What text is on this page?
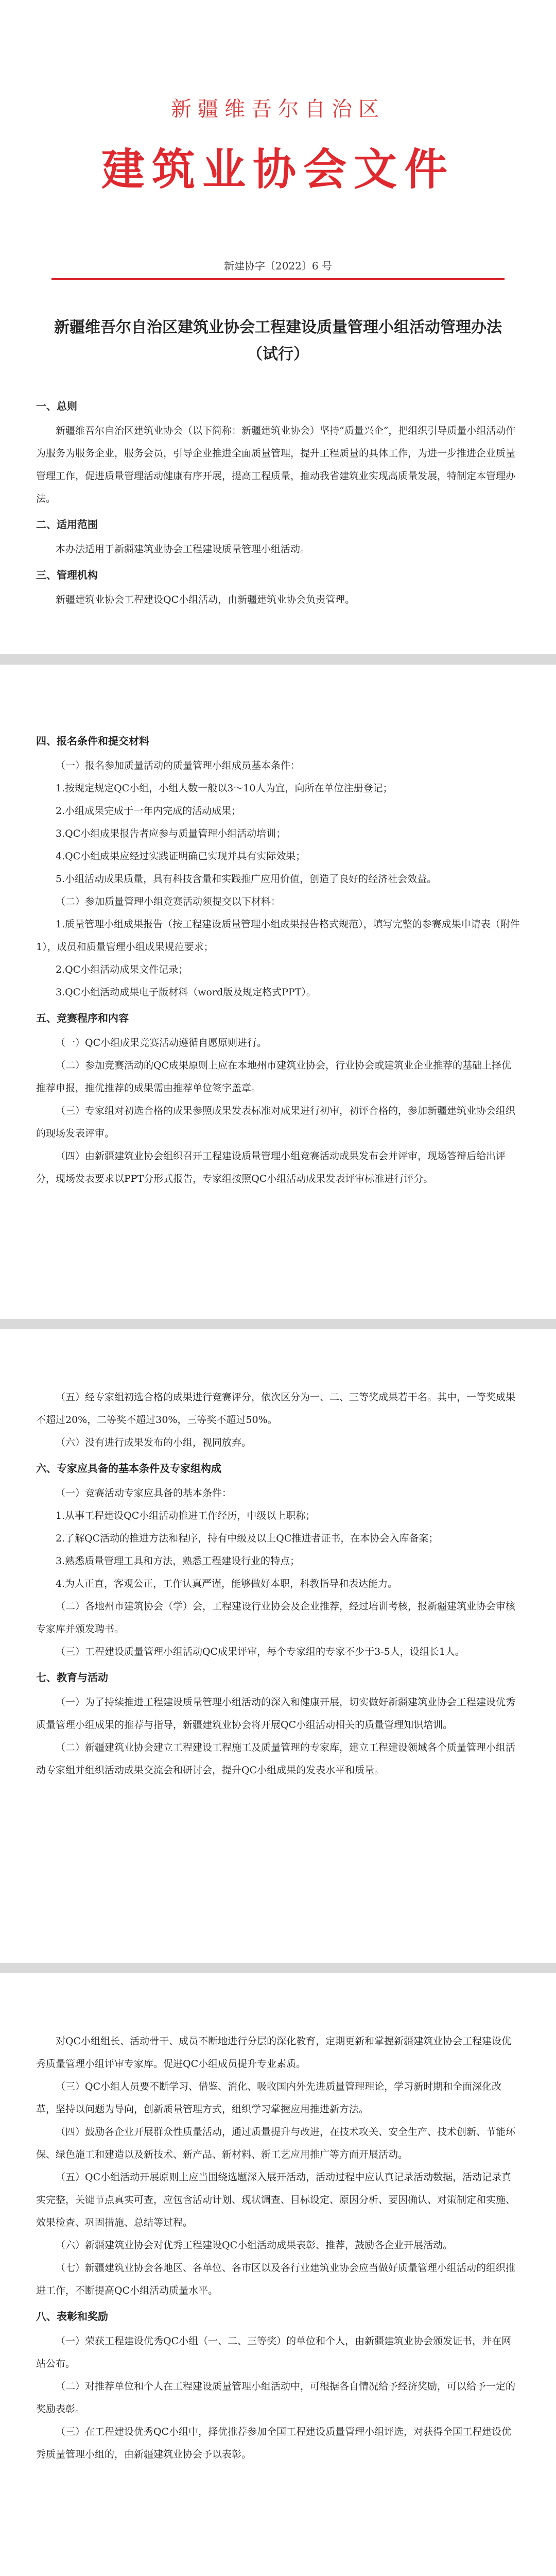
新疆维吾尔自治区
建筑业协会文件
新建协字〔2022〕6 号
新疆维吾尔自治区建筑业协会工程建设质量管理小组活动管理办法（试行）
一、总则

新疆维吾尔自治区建筑业协会（以下简称：新疆建筑业协会）坚持“质量兴企”，把组织引导质量小组活动作为服务为服务企业，服务会员，引导企业推进全面质量管理，提升工程质量的具体工作，为进一步推进企业质量管理工作，促进质量管理活动健康有序开展，提高工程质量，推动我省建筑业实现高质量发展，特制定本管理办法。

二、适用范围

本办法适用于新疆建筑业协会工程建设质量管理小组活动。

三、管理机构

新疆建筑业协会工程建设QC小组活动，由新疆建筑业协会负责管理。

四、报名条件和提交材料

（一）报名参加质量活动的质量管理小组成员基本条件：

1.按规定规定QC小组，小组人数一般以3～10人为宜，向所在单位注册登记；

2.小组成果完成于一年内完成的活动成果；

3.QC小组成果报告者应参与质量管理小组活动培训；

4.QC小组成果应经过实践证明确已实现并具有实际效果；

5.小组活动成果质量，具有科技含量和实践推广应用价值，创造了良好的经济社会效益。

（二）参加质量管理小组竞赛活动须提交以下材料：

1.质量管理小组成果报告（按工程建设质量管理小组成果报告格式规范），填写完整的参赛成果申请表（附件1），成员和质量管理小组成果规范要求；

2.QC小组活动成果文件记录；

3.QC小组活动成果电子版材料（word版及规定格式PPT）。

五、竞赛程序和内容

（一）QC小组成果竞赛活动遵循自愿原则进行。

（二）参加竞赛活动的QC成果原则上应在本地州市建筑业协会，行业协会或建筑业企业推荐的基础上择优推荐申报，推优推荐的成果需由推荐单位签字盖章。

（三）专家组对初选合格的成果参照成果发表标准对成果进行初审，初评合格的，参加新疆建筑业协会组织的现场发表评审。

（四）由新疆建筑业协会组织召开工程建设质量管理小组竞赛活动成果发布会并评审，现场答辩后给出评分，现场发表要求以PPT分形式报告，专家组按照QC小组活动成果发表评审标准进行评分。

（五）经专家组初选合格的成果进行竞赛评分，依次区分为一、二、三等奖成果若干名。其中，一等奖成果不超过20%，二等奖不超过30%，三等奖不超过50%。

（六）没有进行成果发布的小组，视同放弃。

六、专家应具备的基本条件及专家组构成

（一）竞赛活动专家应具备的基本条件：

1.从事工程建设QC小组活动推进工作经历，中级以上职称；

2.了解QC活动的推进方法和程序，持有中级及以上QC推进者证书，在本协会入库备案；

3.熟悉质量管理工具和方法，熟悉工程建设行业的特点；

4.为人正直，客观公正，工作认真严谨，能够做好本职，科教指导和表达能力。

（二）各地州市建筑协会（学）会，工程建设行业协会及企业推荐，经过培训考核，报新疆建筑业协会审核专家库并颁发聘书。

（三）工程建设质量管理小组活动QC成果评审，每个专家组的专家不少于3-5人，设组长1人。

七、教育与活动

（一）为了持续推进工程建设质量管理小组活动的深入和健康开展，切实做好新疆建筑业协会工程建设优秀质量管理小组成果的推荐与指导，新疆建筑业协会将开展QC小组活动相关的质量管理知识培训。

（二）新疆建筑业协会建立工程建设工程施工及质量管理的专家库，建立工程建设领域各个质量管理小组活动专家组并组织活动成果交流会和研讨会，提升QC小组成果的发表水平和质量。

对QC小组组长、活动骨干、成员不断地进行分层的深化教育，定期更新和掌握新疆建筑业协会工程建设优秀质量管理小组评审专家库。促进QC小组成员提升专业素质。

（三）QC小组人员要不断学习、借鉴、消化、吸收国内外先进质量管理理论，学习新时期和全面深化改革，坚持以问题为导向，创新质量管理方式，组织学习掌握应用推进新方法。

（四）鼓励各企业开展群众性质量活动，通过质量提升与改进，在技术攻关、安全生产、技术创新、节能环保、绿色施工和建造以及新技术、新产品、新材料、新工艺应用推广等方面开展活动。

（五）QC小组活动开展原则上应当围绕选题深入展开活动，活动过程中应认真记录活动数据，活动记录真实完整，关键节点真实可查，应包含活动计划、现状调查、目标设定、原因分析、要因确认、对策制定和实施、效果检查、巩固措施、总结等过程。

（六）新疆建筑业协会对优秀工程建设QC小组活动成果表彰、推荐，鼓励各企业开展活动。

（七）新疆建筑业协会各地区、各单位、各市区以及各行业建筑业协会应当做好质量管理小组活动的组织推进工作，不断提高QC小组活动质量水平。

八、表彰和奖励

（一）荣获工程建设优秀QC小组（一、二、三等奖）的单位和个人，由新疆建筑业协会颁发证书，并在网站公布。

（二）对推荐单位和个人在工程建设质量管理小组活动中，可根据各自情况给予经济奖励，可以给予一定的奖励表彰。

（三）在工程建设优秀QC小组中，择优推荐参加全国工程建设质量管理小组评选，对获得全国工程建设优秀质量管理小组的，由新疆建筑业协会予以表彰。
